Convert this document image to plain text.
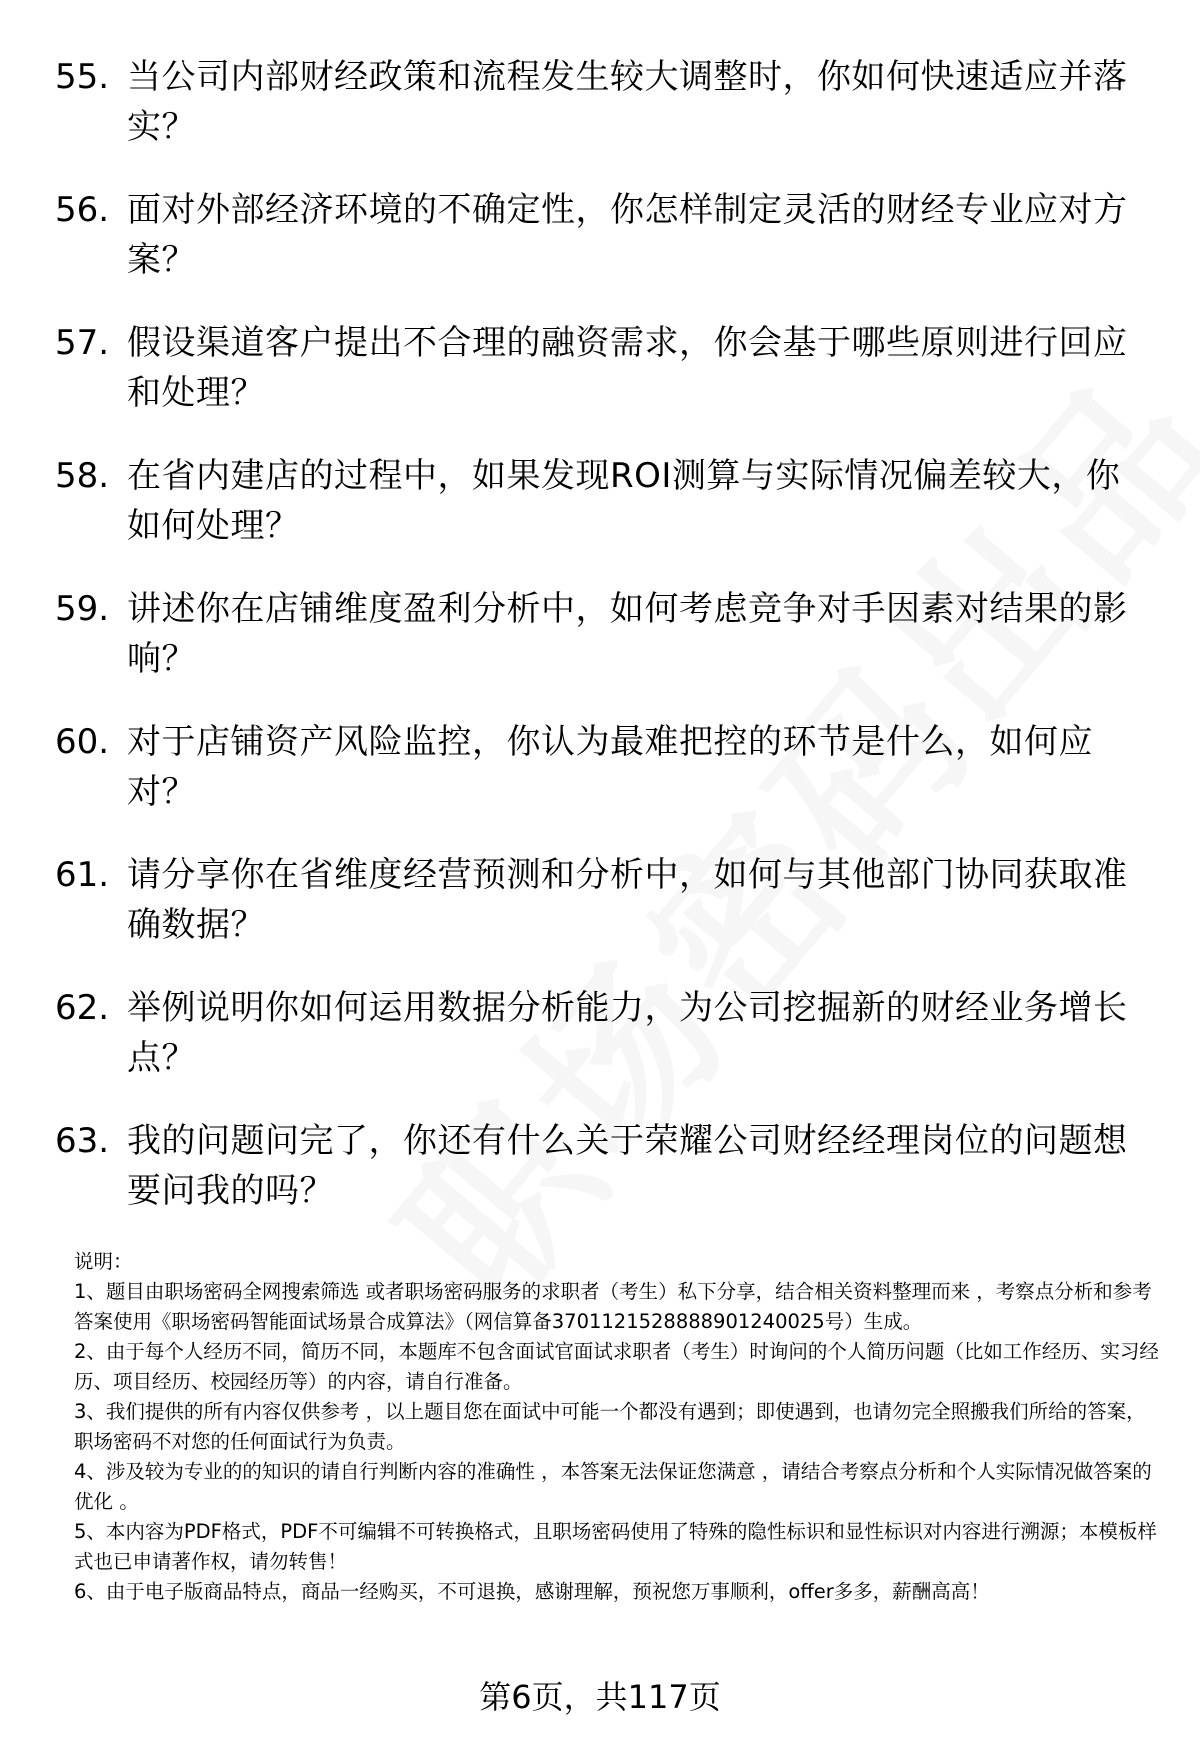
55. 当公司内部财经政策和流程发生较大调整时，你如何快速适应并落实？
56. 面对外部经济环境的不确定性，你怎样制定灵活的财经专业应对方案？
57. 假设渠道客户提出不合理的融资需求，你会基于哪些原则进行回应和处理？
58. 在省内建店的过程中，如果发现ROI测算与实际情况偏差较大，你如何处理？
59. 讲述你在店铺维度盈利分析中，如何考虑竞争对手因素对结果的影响？
60. 对于店铺资产风险监控，你认为最难把控的环节是什么，如何应对？
61. 请分享你在省维度经营预测和分析中，如何与其他部门协同获取准确数据？
62. 举例说明你如何运用数据分析能力，为公司挖掘新的财经业务增长点？
63. 我的问题问完了，你还有什么关于荣耀公司财经经理岗位的问题想要问我的吗？

说明：

1、题目由职场密码全网搜索筛选 或者职场密码服务的求职者（考生）私下分享，结合相关资料整理而来 ，考察点分析和参考答案使用《职场密码智能面试场景合成算法》（网信算备3701121528888901240025号）生成。

2、由于每个人经历不同，简历不同，本题库不包含面试官面试求职者（考生）时询问的个人简历问题（比如工作经历、实习经历、项目经历、校园经历等）的内容，请自行准备。

3、我们提供的所有内容仅供参考 ，以上题目您在面试中可能一个都没有遇到；即使遇到，也请勿完全照搬我们所给的答案，职场密码不对您的任何面试行为负责。

4、涉及较为专业的的知识的请自行判断内容的准确性 ，本答案无法保证您满意 ，请结合考察点分析和个人实际情况做答案的优化 。

5、本内容为PDF格式，PDF不可编辑不可转换格式，且职场密码使用了特殊的隐性标识和显性标识对内容进行溯源；本模板样式也已申请著作权，请勿转售！

6、由于电子版商品特点，商品一经购买，不可退换，感谢理解，预祝您万事顺利，offer多多，薪酬高高！

第6页，共117页
